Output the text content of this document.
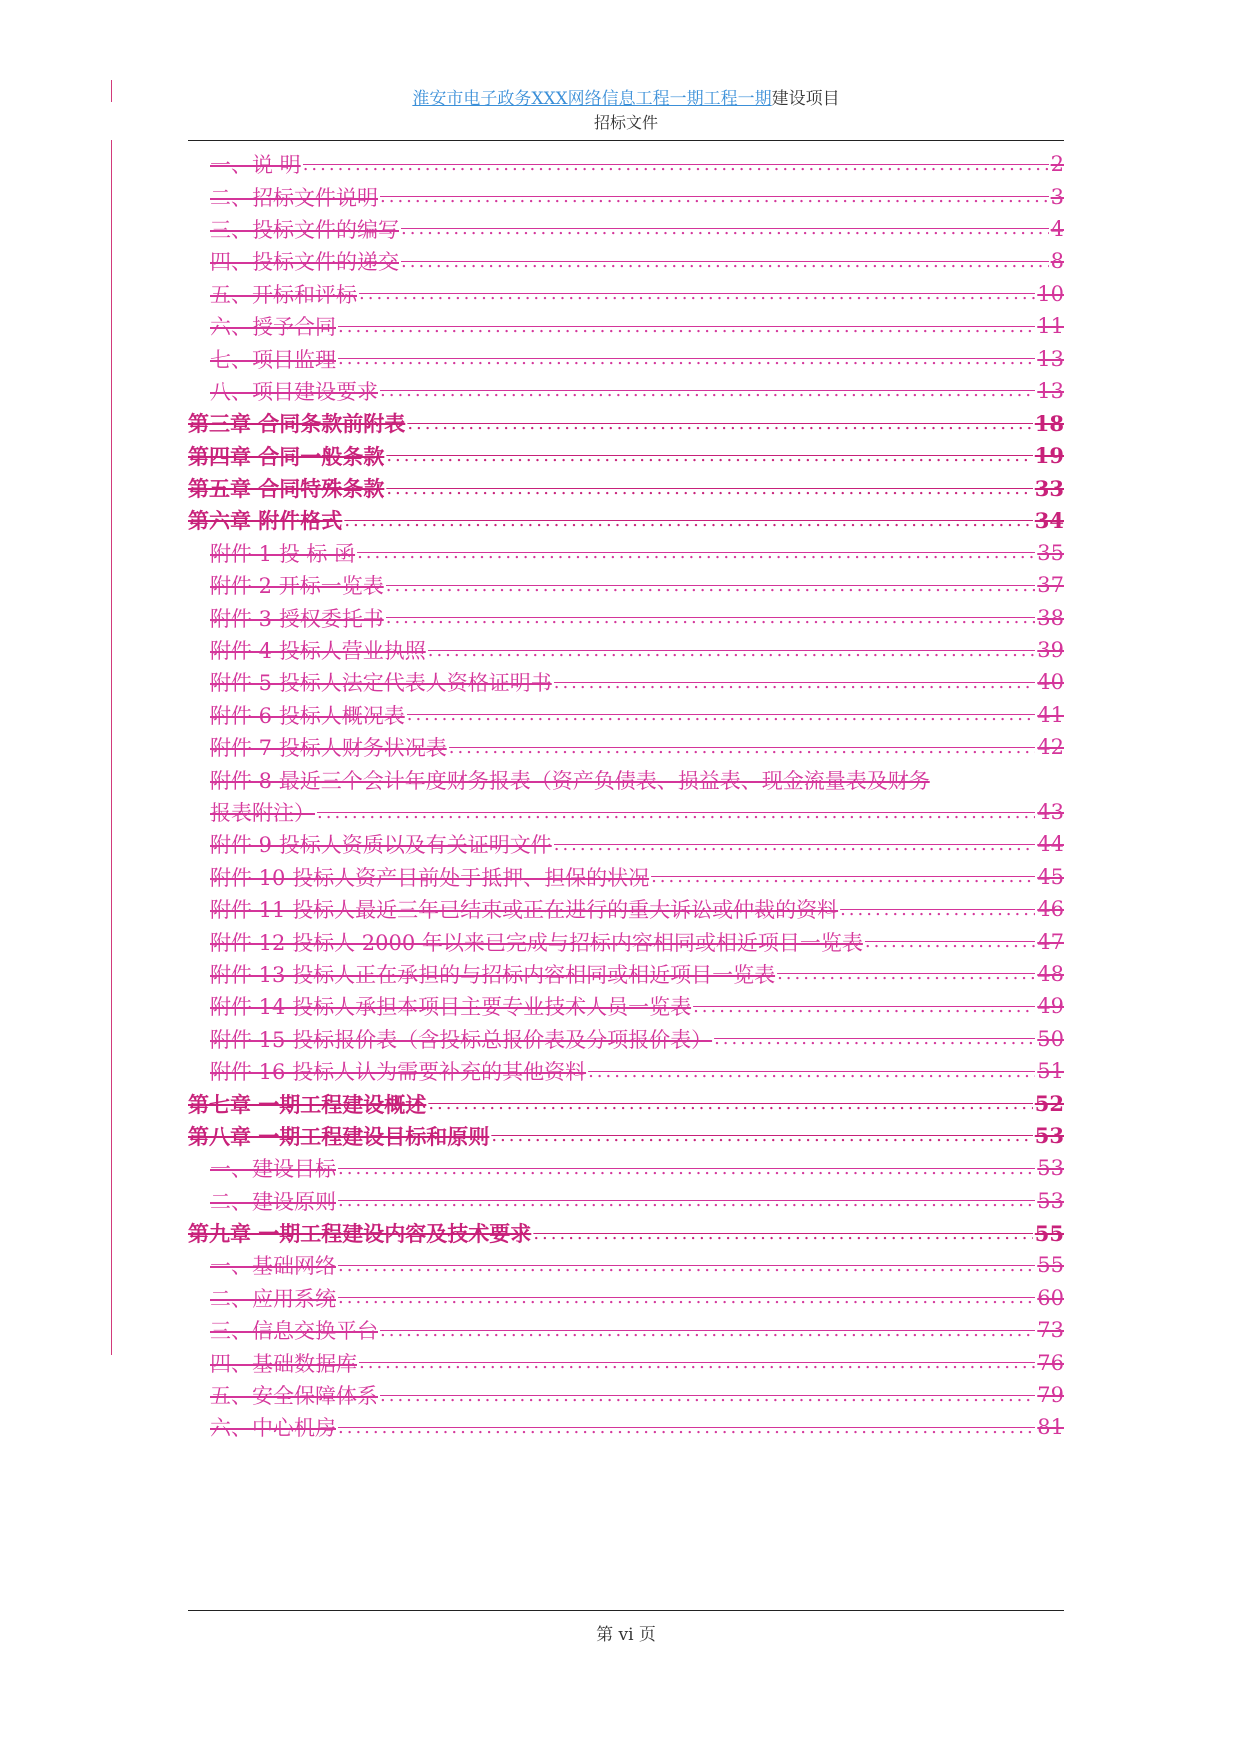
淮安市电子政务XXX网络信息工程一期工程一期建设项目
招标文件
一、说 明 .....	2
二、招标文件说明 .....	3
三、投标文件的编写 .....	4
四、投标文件的递交 .....	8
五、开标和评标 .....	10
六、授予合同 .....	11
七、项目监理 .....	13
八、项目建设要求 .....	13
第三章 合同条款前附表 .....	18
第四章 合同一般条款 .....	19
第五章 合同特殊条款 .....	33
第六章 附件格式 .....	34
附件 1 投 标 函 .....	35
附件 2 开标一览表 .....	37
附件 3 授权委托书 .....	38
附件 4 投标人营业执照 .....	39
附件 5 投标人法定代表人资格证明书 .....	40
附件 6 投标人概况表 .....	41
附件 7 投标人财务状况表 .....	42
附件 8 最近三个会计年度财务报表（资产负债表、损益表、现金流量表及财务
报表附注） .....	43
附件 9 投标人资质以及有关证明文件 .....	44
附件 10 投标人资产目前处于抵押、担保的状况 .....	45
附件 11 投标人最近三年已结束或正在进行的重大诉讼或仲裁的资料 .....	46
附件 12 投标人 2000 年以来已完成与招标内容相同或相近项目一览表 .....	47
附件 13 投标人正在承担的与招标内容相同或相近项目一览表 .....	48
附件 14 投标人承担本项目主要专业技术人员一览表 .....	49
附件 15 投标报价表（含投标总报价表及分项报价表） .....	50
附件 16 投标人认为需要补充的其他资料 .....	51
第七章 一期工程建设概述 .....	52
第八章 一期工程建设目标和原则 .....	53
一、建设目标 .....	53
二、建设原则 .....	53
第九章 一期工程建设内容及技术要求 .....	55
一、基础网络 .....	55
二、应用系统 .....	60
三、信息交换平台 .....	73
四、基础数据库 .....	76
五、安全保障体系 .....	79
六、中心机房 .....	81
第 vi 页
